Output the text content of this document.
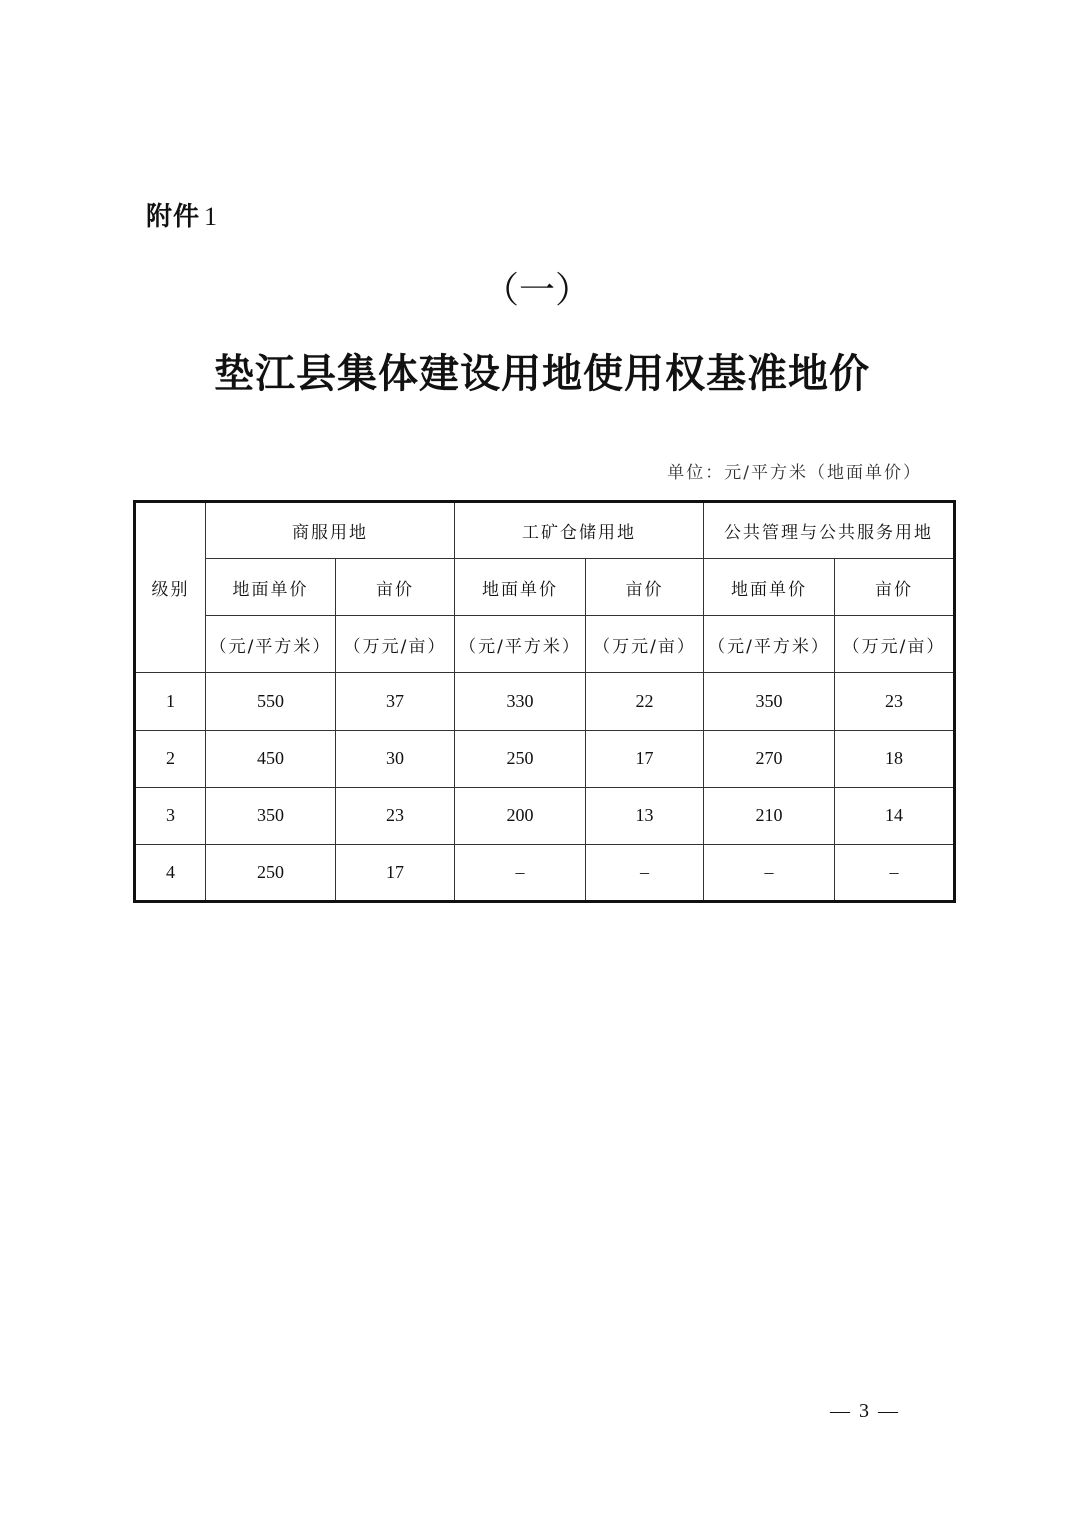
附件 1
（一）
垫江县集体建设用地使用权基准地价
单位：元/平方米（地面单价）
级别	商服用地		工矿仓储用地		公共管理与公共服务用地	
	地面单价	亩价	地面单价	亩价	地面单价	亩价
	（元/平方米）	（万元/亩）	（元/平方米）	（万元/亩）	（元/平方米）	（万元/亩）
1	550	37	330	22	350	23
2	450	30	250	17	270	18
3	350	23	200	13	210	14
4	250	17	–	–	–	–
— 3 —
